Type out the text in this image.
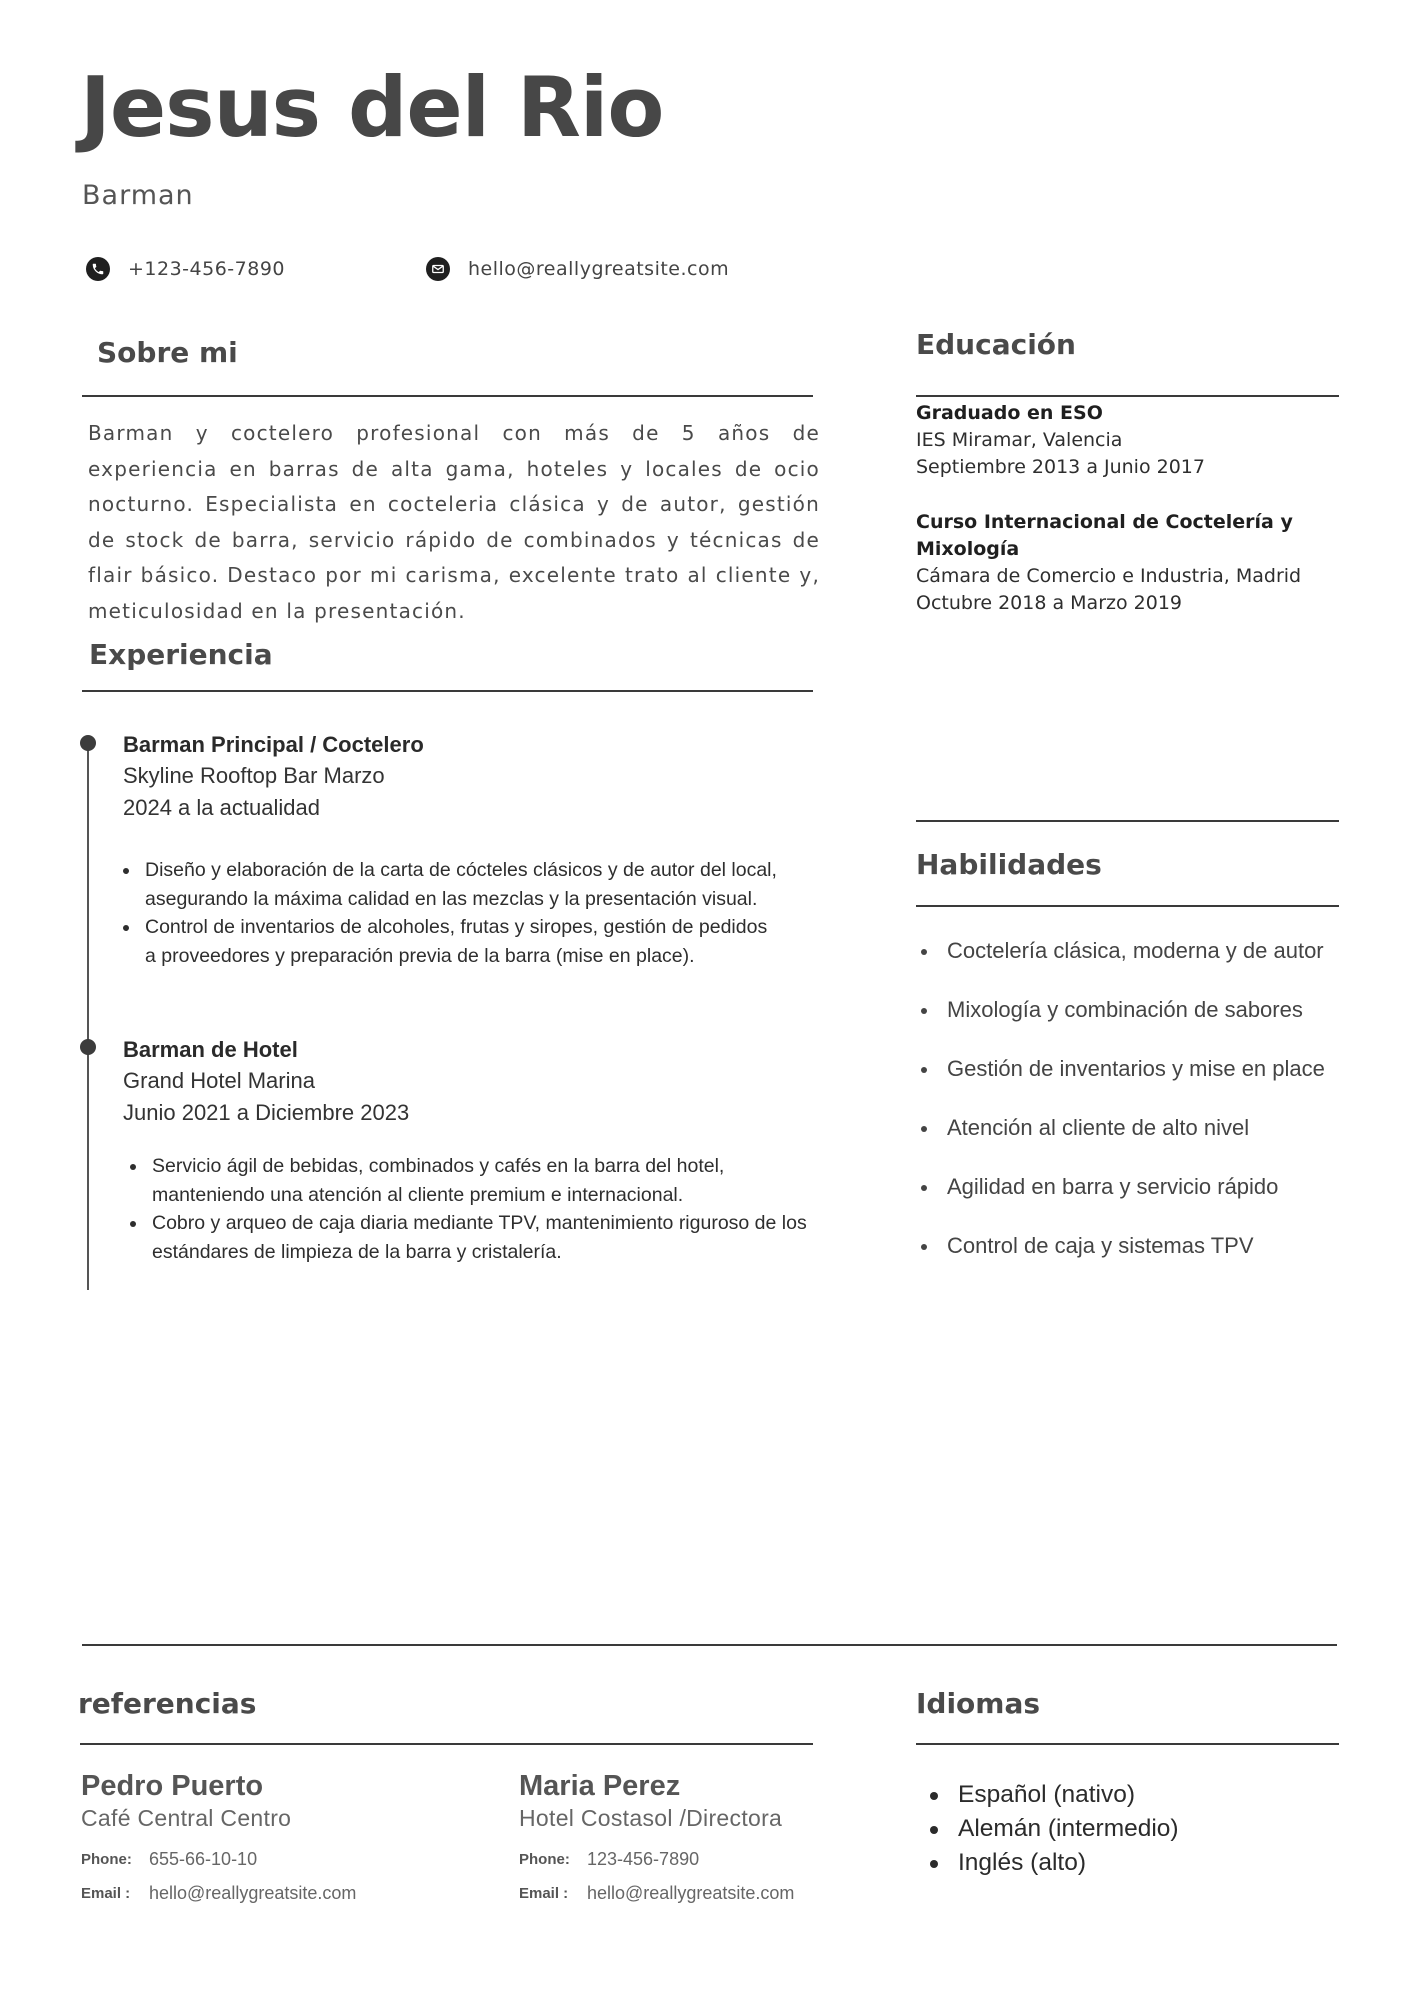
Jesus del Rio
Barman
+123-456-7890	hello@reallygreatsite.com
Sobre mi
Barman y coctelero profesional con más de 5 años de experiencia en barras de alta gama, hoteles y locales de ocio nocturno. Especialista en cocteleria clásica y de autor, gestión de stock de barra, servicio rápido de combinados y técnicas de flair básico. Destaco por mi carisma, excelente trato al cliente y, meticulosidad en la presentación.
Experiencia
Barman Principal / Coctelero
Skyline Rooftop Bar Marzo
2024 a la actualidad
Diseño y elaboración de la carta de cócteles clásicos y de autor del local, asegurando la máxima calidad en las mezclas y la presentación visual.
Control de inventarios de alcoholes, frutas y siropes, gestión de pedidos a proveedores y preparación previa de la barra (mise en place).
Barman de Hotel
Grand Hotel Marina
Junio 2021 a Diciembre 2023
Servicio ágil de bebidas, combinados y cafés en la barra del hotel, manteniendo una atención al cliente premium e internacional.
Cobro y arqueo de caja diaria mediante TPV, mantenimiento riguroso de los estándares de limpieza de la barra y cristalería.
Educación
Graduado en ESO
IES Miramar, Valencia
Septiembre 2013 a Junio 2017
Curso Internacional de Coctelería y Mixología
Cámara de Comercio e Industria, Madrid
Octubre 2018 a Marzo 2019
Habilidades
Coctelería clásica, moderna y de autor
Mixología y combinación de sabores
Gestión de inventarios y mise en place
Atención al cliente de alto nivel
Agilidad en barra y servicio rápido
Control de caja y sistemas TPV
referencias
Pedro Puerto
Café Central Centro
Phone: 655-66-10-10
Email :	hello@reallygreatsite.com
Maria Perez
Hotel Costasol /Directora
Phone: 123-456-7890
Email :	hello@reallygreatsite.com
Idiomas
Español (nativo)
Alemán (intermedio)
Inglés (alto)
